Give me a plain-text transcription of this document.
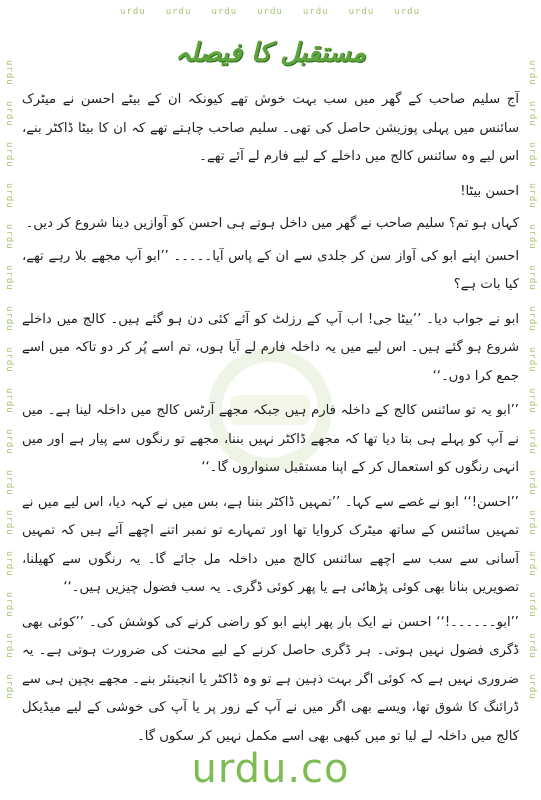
urdu urdu urdu urdu urdu urdu urdu
urdu
urdu
urdu
urdu
urdu
urdu
urdu
urdu
urdu
urdu
urdu
urdu
urdu
urdu
urdu
urdu
urdu
urdu
urdu
urdu
urdu
urdu
urdu
urdu
urdu
urdu
urdu
urdu
urdu
urdu
urdu
urdu
مستقبل کا فیصلہ

آج سلیم صاحب کے گھر میں سب بہت خوش تھے کیونکہ ان کے بیٹے احسن نے میٹرک سائنس میں پہلی پوزیشن حاصل کی تھی۔ سلیم صاحب چاہتے تھے کہ ان کا بیٹا ڈاکٹر بنے، اس لیے وہ سائنس کالج میں داخلے کے لیے فارم لے آئے تھے۔

احسن بیٹا!

کہاں ہو تم؟ سلیم صاحب نے گھر میں داخل ہوتے ہی احسن کو آوازیں دینا شروع کر دیں۔

احسن اپنے ابو کی آواز سن کر جلدی سے ان کے پاس آیا۔۔۔۔۔ ’’ابو آپ مجھے بلا رہے تھے، کیا بات ہے؟

ابو نے جواب دیا۔ ’’بیٹا جی! اب آپ کے رزلٹ کو آئے کئی دن ہو گئے ہیں۔ کالج میں داخلے شروع ہو گئے ہیں۔ اس لیے میں یہ داخلہ فارم لے آیا ہوں، تم اسے پُر کر دو تاکہ میں اسے جمع کرا دوں۔‘‘

’’ابو یہ تو سائنس کالج کے داخلہ فارم ہیں جبکہ مجھے آرٹس کالج میں داخلہ لینا ہے۔ میں نے آپ کو پہلے ہی بتا دیا تھا کہ مجھے ڈاکٹر نہیں بننا، مجھے تو رنگوں سے پیار ہے اور میں انہی رنگوں کو استعمال کر کے اپنا مستقبل سنواروں گا۔‘‘

’’احسن!‘‘ ابو نے غصے سے کہا۔ ’’تمہیں ڈاکٹر بننا ہے، بس میں نے کہہ دیا، اس لیے میں نے تمہیں سائنس کے ساتھ میٹرک کروایا تھا اور تمہارے تو نمبر اتنے اچھے آئے ہیں کہ تمہیں آسانی سے سب سے اچھے سائنس کالج میں داخلہ مل جائے گا۔ یہ رنگوں سے کھیلنا، تصویریں بنانا بھی کوئی پڑھائی ہے یا پھر کوئی ڈگری۔ یہ سب فضول چیزیں ہیں۔‘‘

’’ابو۔۔۔۔۔۔!‘‘ احسن نے ایک بار پھر اپنے ابو کو راضی کرنے کی کوشش کی۔ ’’کوئی بھی ڈگری فضول نہیں ہوتی۔ ہر ڈگری حاصل کرنے کے لیے محنت کی ضرورت ہوتی ہے۔ یہ ضروری نہیں ہے کہ کوئی اگر بہت ذہین ہے تو وہ ڈاکٹر یا انجینئر بنے۔ مجھے بچپن ہی سے ڈرائنگ کا شوق تھا، ویسے بھی اگر میں نے آپ کے زور پر یا آپ کی خوشی کے لیے میڈیکل کالج میں داخلہ لے لیا تو میں کبھی بھی اسے مکمل نہیں کر سکوں گا۔

urdu.co
